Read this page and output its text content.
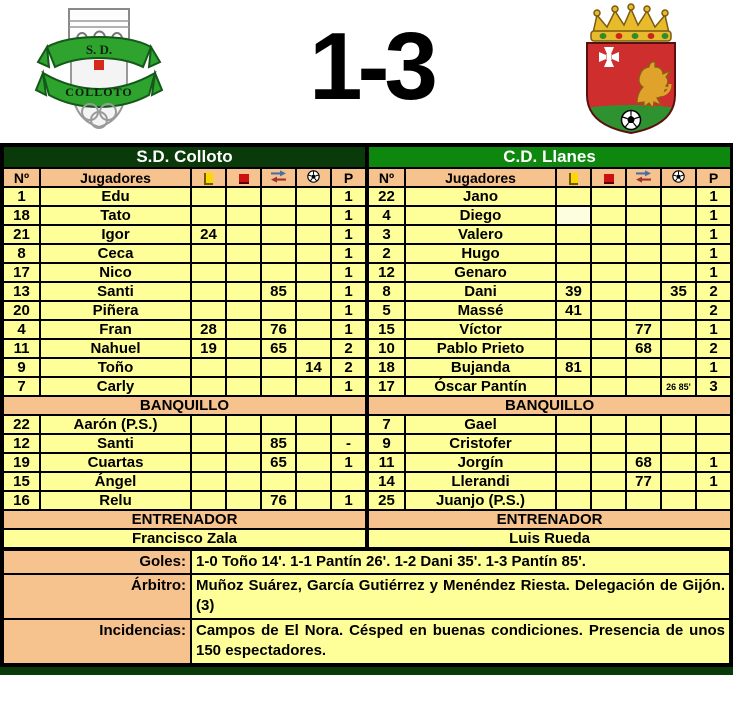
S. D.
COLLOTO	1-3
S.D. Colloto						
Nº	Jugadores					P
1	Edu					1
18	Tato					1
21	Igor	24				1
8	Ceca					1
17	Nico					1
13	Santi			85		1
20	Piñera					1
4	Fran	28		76		1
11	Nahuel	19		65		2
9	Toño				14	2
7	Carly					1
BANQUILLO						
22	Aarón (P.S.)					
12	Santi			85		-
19	Cuartas			65		1
15	Ángel					
16	Relu			76		1
ENTRENADOR						
Francisco Zala						
C.D. Llanes						
Nº	Jugadores					P
22	Jano					1
4	Diego					1
3	Valero					1
2	Hugo					1
12	Genaro					1
8	Dani	39			35	2
5	Massé	41				2
15	Víctor			77		1
10	Pablo Prieto			68		2
18	Bujanda	81				1
17	Óscar Pantín				26 85'	3
BANQUILLO						
7	Gael					
9	Cristofer					
11	Jorgín			68		1
14	Llerandi			77		1
25	Juanjo (P.S.)					
ENTRENADOR						
Luis Rueda						
Goles:	1-0 Toño 14'. 1-1 Pantín 26'. 1-2 Dani 35'. 1-3 Pantín 85'.
Árbitro:	Muñoz Suárez, García Gutiérrez y Menéndez Riesta. Delegación de Gijón. (3)
Incidencias:	Campos de El Nora. Césped en buenas condiciones. Presencia de unos 150 espectadores.
